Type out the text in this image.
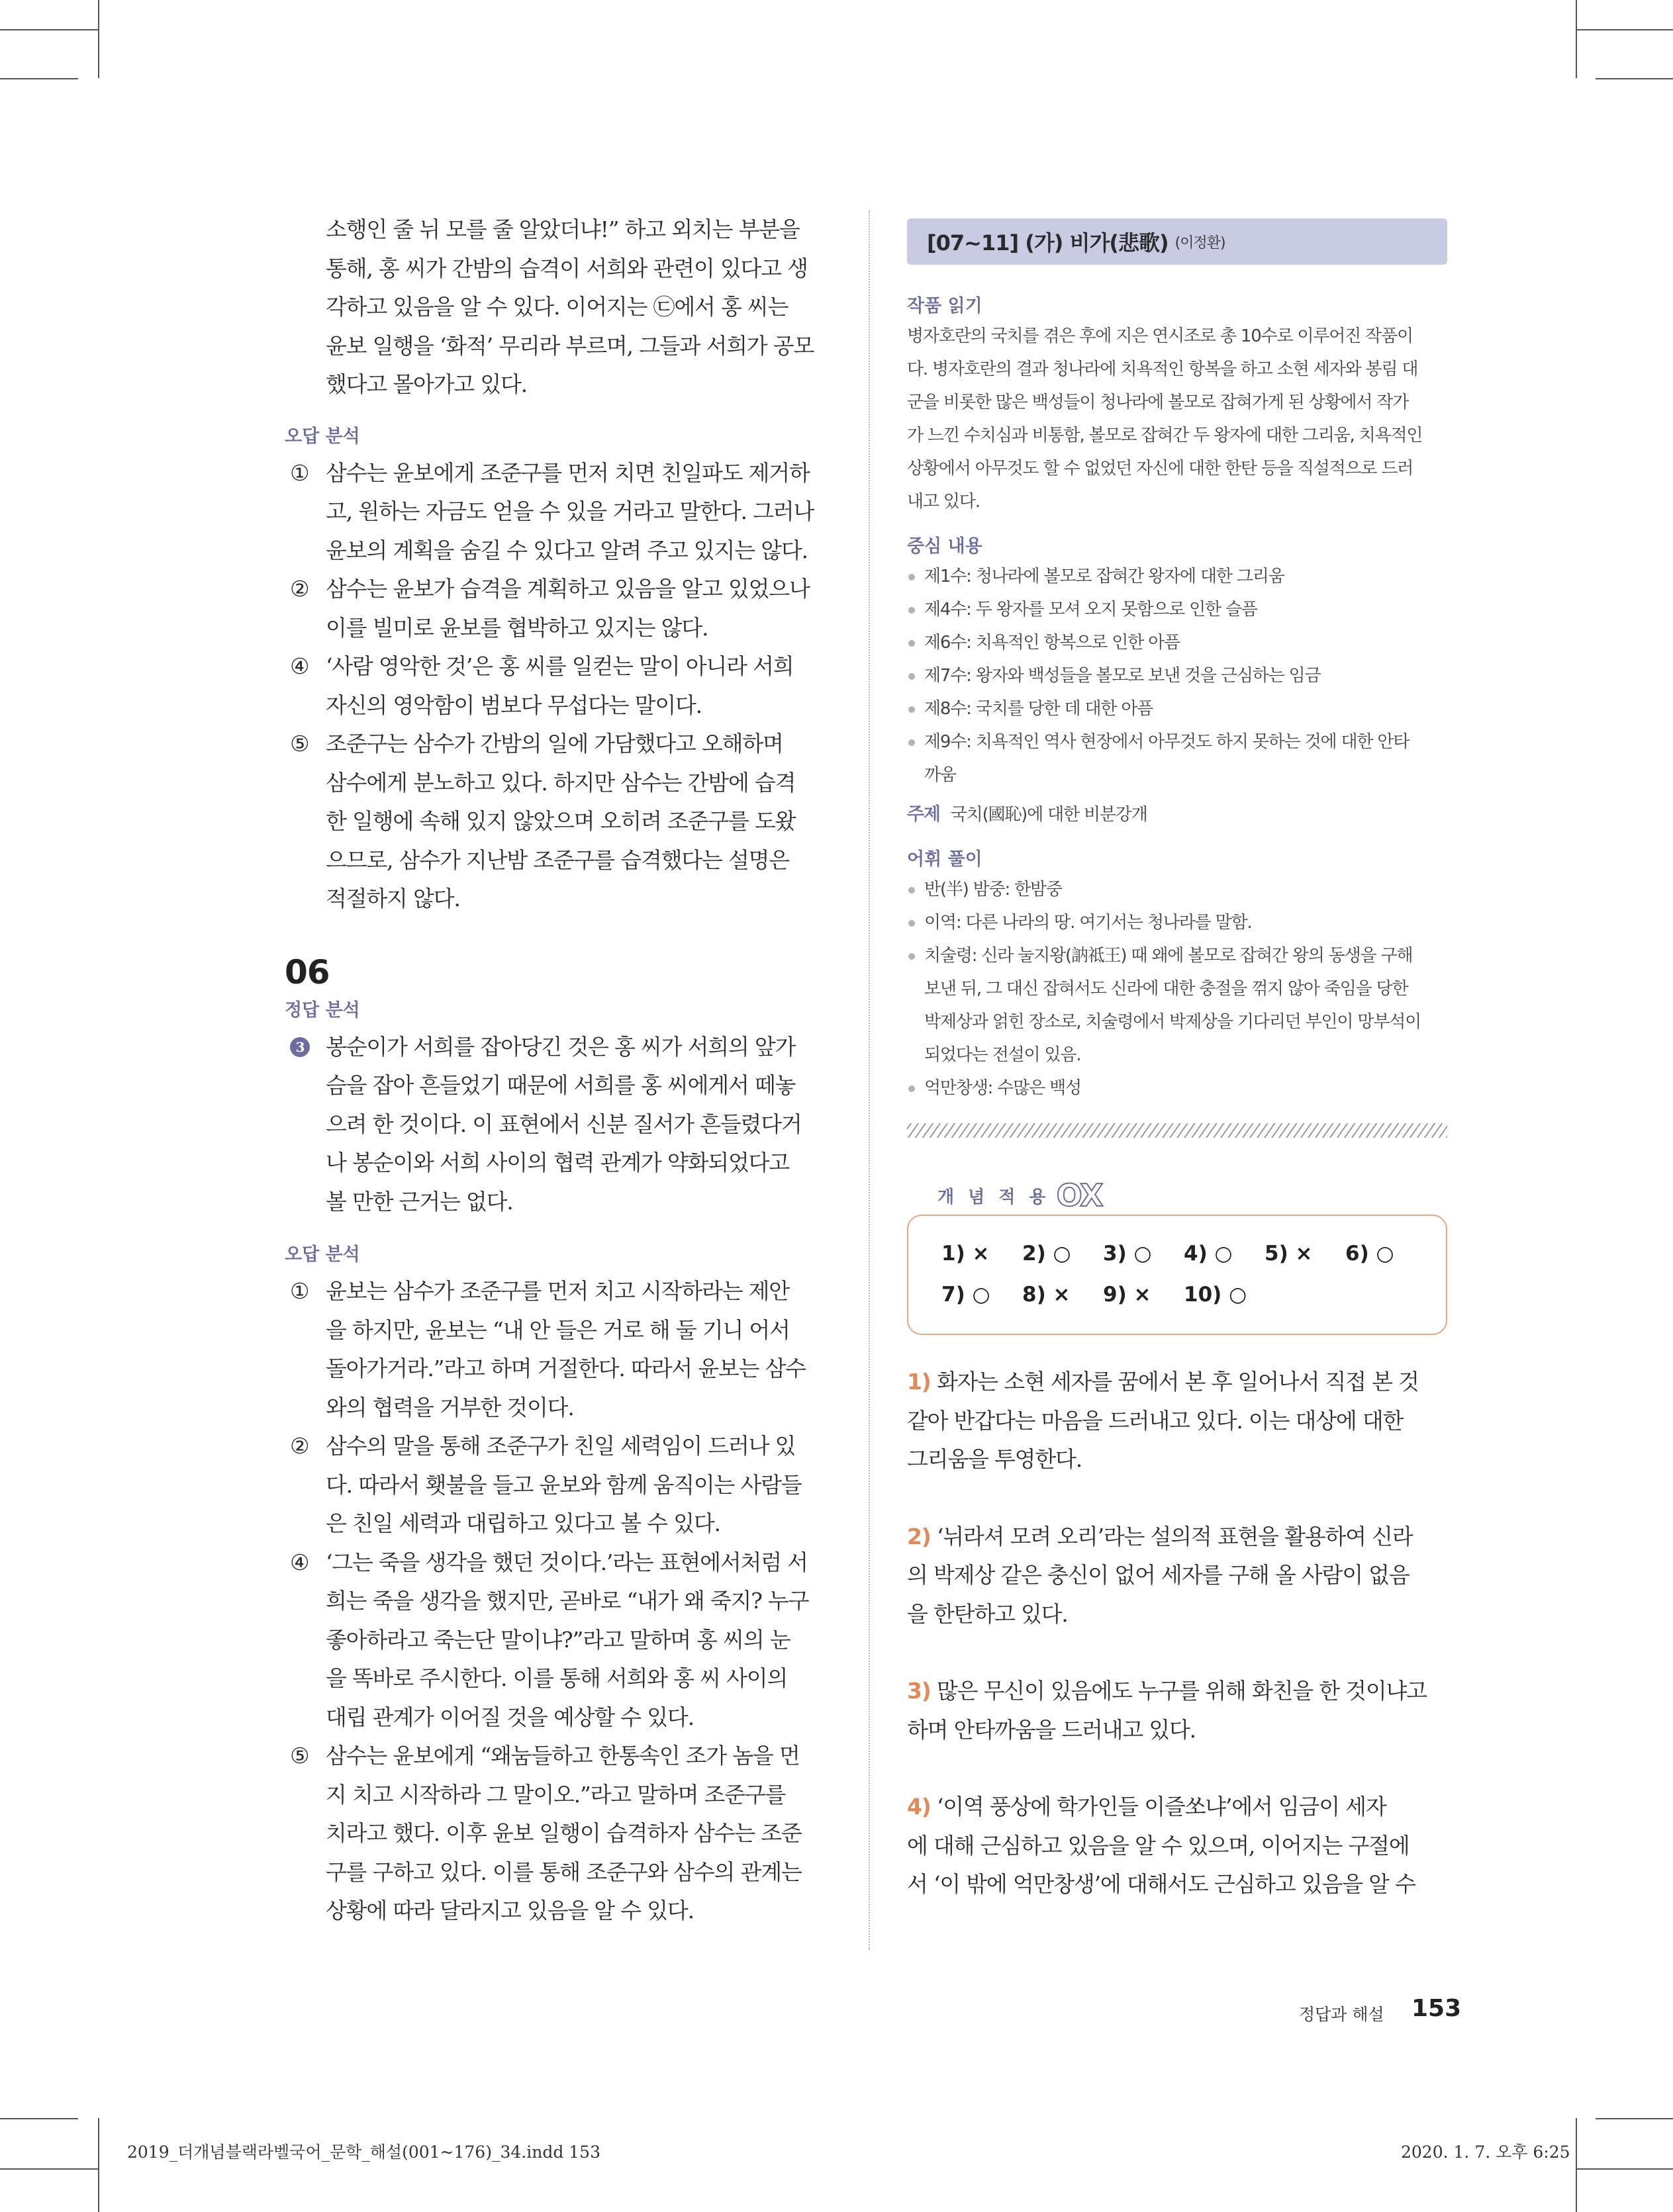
소행인 줄 뉘 모를 줄 알았더냐!” 하고 외치는 부분을
통해, 홍 씨가 간밤의 습격이 서희와 관련이 있다고 생
각하고 있음을 알 수 있다. 이어지는 ㉢에서 홍 씨는
윤보 일행을 ‘화적’ 무리라 부르며, 그들과 서희가 공모
했다고 몰아가고 있다.
오답 분석
① 삼수는 윤보에게 조준구를 먼저 치면 친일파도 제거하
고, 원하는 자금도 얻을 수 있을 거라고 말한다. 그러나
윤보의 계획을 숨길 수 있다고 알려 주고 있지는 않다.
② 삼수는 윤보가 습격을 계획하고 있음을 알고 있었으나
이를 빌미로 윤보를 협박하고 있지는 않다.
④ ‘사람 영악한 것’은 홍 씨를 일컫는 말이 아니라 서희
자신의 영악함이 범보다 무섭다는 말이다.
⑤ 조준구는 삼수가 간밤의 일에 가담했다고 오해하며
삼수에게 분노하고 있다. 하지만 삼수는 간밤에 습격
한 일행에 속해 있지 않았으며 오히려 조준구를 도왔
으므로, 삼수가 지난밤 조준구를 습격했다는 설명은
적절하지 않다.
06
정답 분석
3 봉순이가 서희를 잡아당긴 것은 홍 씨가 서희의 앞가
슴을 잡아 흔들었기 때문에 서희를 홍 씨에게서 떼놓
으려 한 것이다. 이 표현에서 신분 질서가 흔들렸다거
나 봉순이와 서희 사이의 협력 관계가 약화되었다고
볼 만한 근거는 없다.
오답 분석
① 윤보는 삼수가 조준구를 먼저 치고 시작하라는 제안
을 하지만, 윤보는 “내 안 들은 거로 해 둘 기니 어서
돌아가거라.”라고 하며 거절한다. 따라서 윤보는 삼수
와의 협력을 거부한 것이다.
② 삼수의 말을 통해 조준구가 친일 세력임이 드러나 있
다. 따라서 횃불을 들고 윤보와 함께 움직이는 사람들
은 친일 세력과 대립하고 있다고 볼 수 있다.
④ ‘그는 죽을 생각을 했던 것이다.’라는 표현에서처럼 서
희는 죽을 생각을 했지만, 곧바로 “내가 왜 죽지? 누구
좋아하라고 죽는단 말이냐?”라고 말하며 홍 씨의 눈
을 똑바로 주시한다. 이를 통해 서희와 홍 씨 사이의
대립 관계가 이어질 것을 예상할 수 있다.
⑤ 삼수는 윤보에게 “왜눔들하고 한통속인 조가 놈을 먼
지 치고 시작하라 그 말이오.”라고 말하며 조준구를
치라고 했다. 이후 윤보 일행이 습격하자 삼수는 조준
구를 구하고 있다. 이를 통해 조준구와 삼수의 관계는
상황에 따라 달라지고 있음을 알 수 있다.
[07~11] (가) 비가(悲歌) (이정환)
작품 읽기
병자호란의 국치를 겪은 후에 지은 연시조로 총 10수로 이루어진 작품이
다. 병자호란의 결과 청나라에 치욕적인 항복을 하고 소현 세자와 봉림 대
군을 비롯한 많은 백성들이 청나라에 볼모로 잡혀가게 된 상황에서 작가
가 느낀 수치심과 비통함, 볼모로 잡혀간 두 왕자에 대한 그리움, 치욕적인
상황에서 아무것도 할 수 없었던 자신에 대한 한탄 등을 직설적으로 드러
내고 있다.
중심 내용
제1수: 청나라에 볼모로 잡혀간 왕자에 대한 그리움
제4수: 두 왕자를 모셔 오지 못함으로 인한 슬픔
제6수: 치욕적인 항복으로 인한 아픔
제7수: 왕자와 백성들을 볼모로 보낸 것을 근심하는 임금
제8수: 국치를 당한 데 대한 아픔
제9수: 치욕적인 역사 현장에서 아무것도 하지 못하는 것에 대한 안타
까움
주제 국치(國恥)에 대한 비분강개
어휘 풀이
반(半) 밤중: 한밤중
이역: 다른 나라의 땅. 여기서는 청나라를 말함.
치술령: 신라 눌지왕(訥祗王) 때 왜에 볼모로 잡혀간 왕의 동생을 구해
보낸 뒤, 그 대신 잡혀서도 신라에 대한 충절을 꺾지 않아 죽임을 당한
박제상과 얽힌 장소로, 치술령에서 박제상을 기다리던 부인이 망부석이
되었다는 전설이 있음.
억만창생: 수많은 백성
개 념 적 용 OX
1) ×	2) ○	3) ○	4) ○	5) ×	6) ○
7) ○	8) ×	9) ×	10) ○

1) 화자는 소현 세자를 꿈에서 본 후 일어나서 직접 본 것

같아 반갑다는 마음을 드러내고 있다. 이는 대상에 대한

그리움을 투영한다.

2) ‘뉘라셔 모려 오리’라는 설의적 표현을 활용하여 신라

의 박제상 같은 충신이 없어 세자를 구해 올 사람이 없음

을 한탄하고 있다.

3) 많은 무신이 있음에도 누구를 위해 화친을 한 것이냐고

하며 안타까움을 드러내고 있다.

4) ‘이역 풍상에 학가인들 이즐쏘냐’에서 임금이 세자

에 대해 근심하고 있음을 알 수 있으며, 이어지는 구절에

서 ‘이 밖에 억만창생’에 대해서도 근심하고 있음을 알 수

정답과 해설 153
2019_더개념블랙라벨국어_문학_해설(001~176)_34.indd 153	2020. 1. 7. 오후 6:25
